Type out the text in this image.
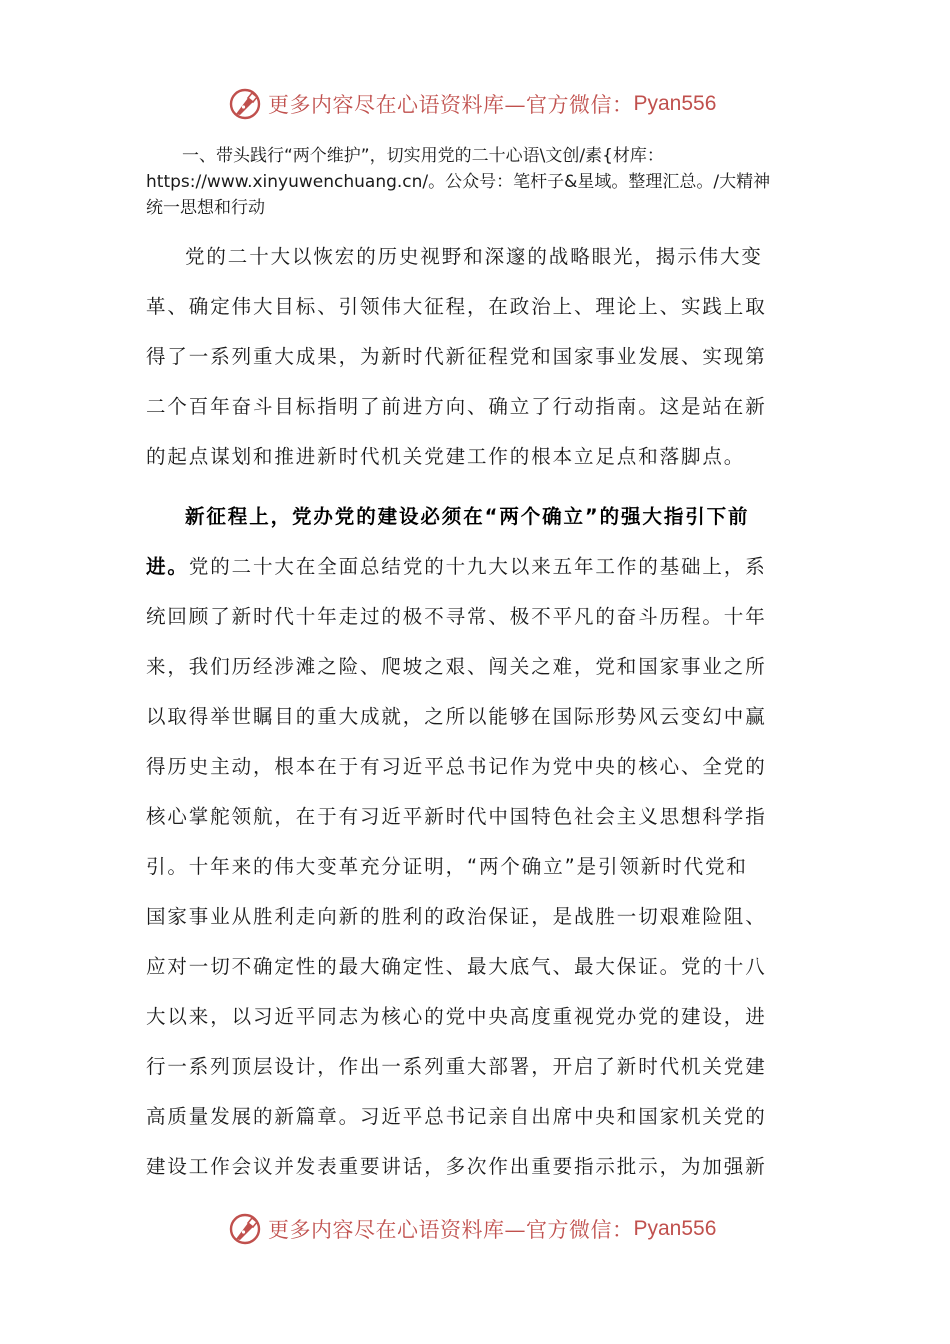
更多内容尽在心语资料库—官方微信： Pyan556
一、带头践行“两个维护”，切实用党的二十心语\文创/素{材库：
https://www.xinyuwenchuang.cn/。公众号：笔杆子&星域。整理汇总。/大精神
统一思想和行动
党的二十大以恢宏的历史视野和深邃的战略眼光，揭示伟大变
革、确定伟大目标、引领伟大征程，在政治上、理论上、实践上取
得了一系列重大成果，为新时代新征程党和国家事业发展、实现第
二个百年奋斗目标指明了前进方向、确立了行动指南。这是站在新
的起点谋划和推进新时代机关党建工作的根本立足点和落脚点。
新征程上，党办党的建设必须在“两个确立”的强大指引下前
进。党的二十大在全面总结党的十九大以来五年工作的基础上，系
统回顾了新时代十年走过的极不寻常、极不平凡的奋斗历程。十年
来，我们历经涉滩之险、爬坡之艰、闯关之难，党和国家事业之所
以取得举世瞩目的重大成就，之所以能够在国际形势风云变幻中赢
得历史主动，根本在于有习近平总书记作为党中央的核心、全党的
核心掌舵领航，在于有习近平新时代中国特色社会主义思想科学指
引。十年来的伟大变革充分证明，“两个确立”是引领新时代党和
国家事业从胜利走向新的胜利的政治保证，是战胜一切艰难险阻、
应对一切不确定性的最大确定性、最大底气、最大保证。党的十八
大以来，以习近平同志为核心的党中央高度重视党办党的建设，进
行一系列顶层设计，作出一系列重大部署，开启了新时代机关党建
高质量发展的新篇章。习近平总书记亲自出席中央和国家机关党的
建设工作会议并发表重要讲话，多次作出重要指示批示，为加强新
更多内容尽在心语资料库—官方微信： Pyan556
